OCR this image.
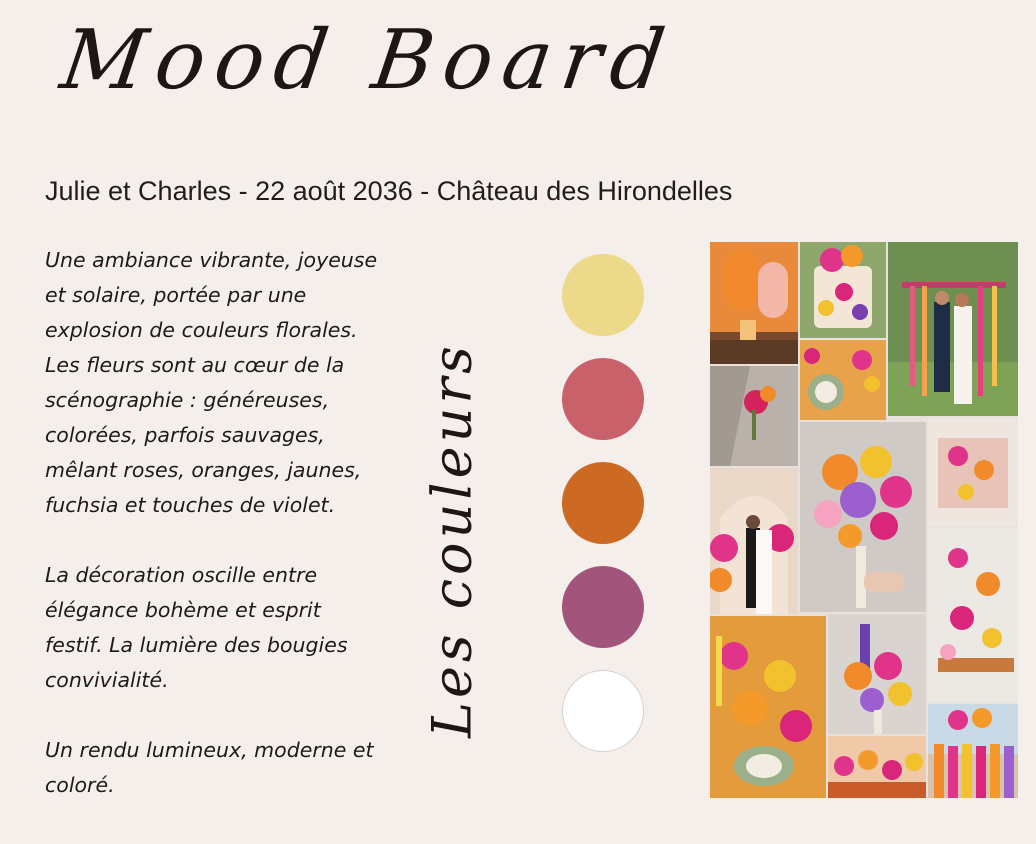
Mood Board
Julie et Charles - 22 août 2036 - Château des Hirondelles

Une ambiance vibrante, joyeuse
et solaire, portée par une
explosion de couleurs florales.
Les fleurs sont au cœur de la
scénographie : généreuses,
colorées, parfois sauvages,
mêlant roses, oranges, jaunes,
fuchsia et touches de violet.

La décoration oscille entre
élégance bohème et esprit
festif. La lumière des bougies
convivialité.

Un rendu lumineux, moderne et
coloré.

Les couleurs
